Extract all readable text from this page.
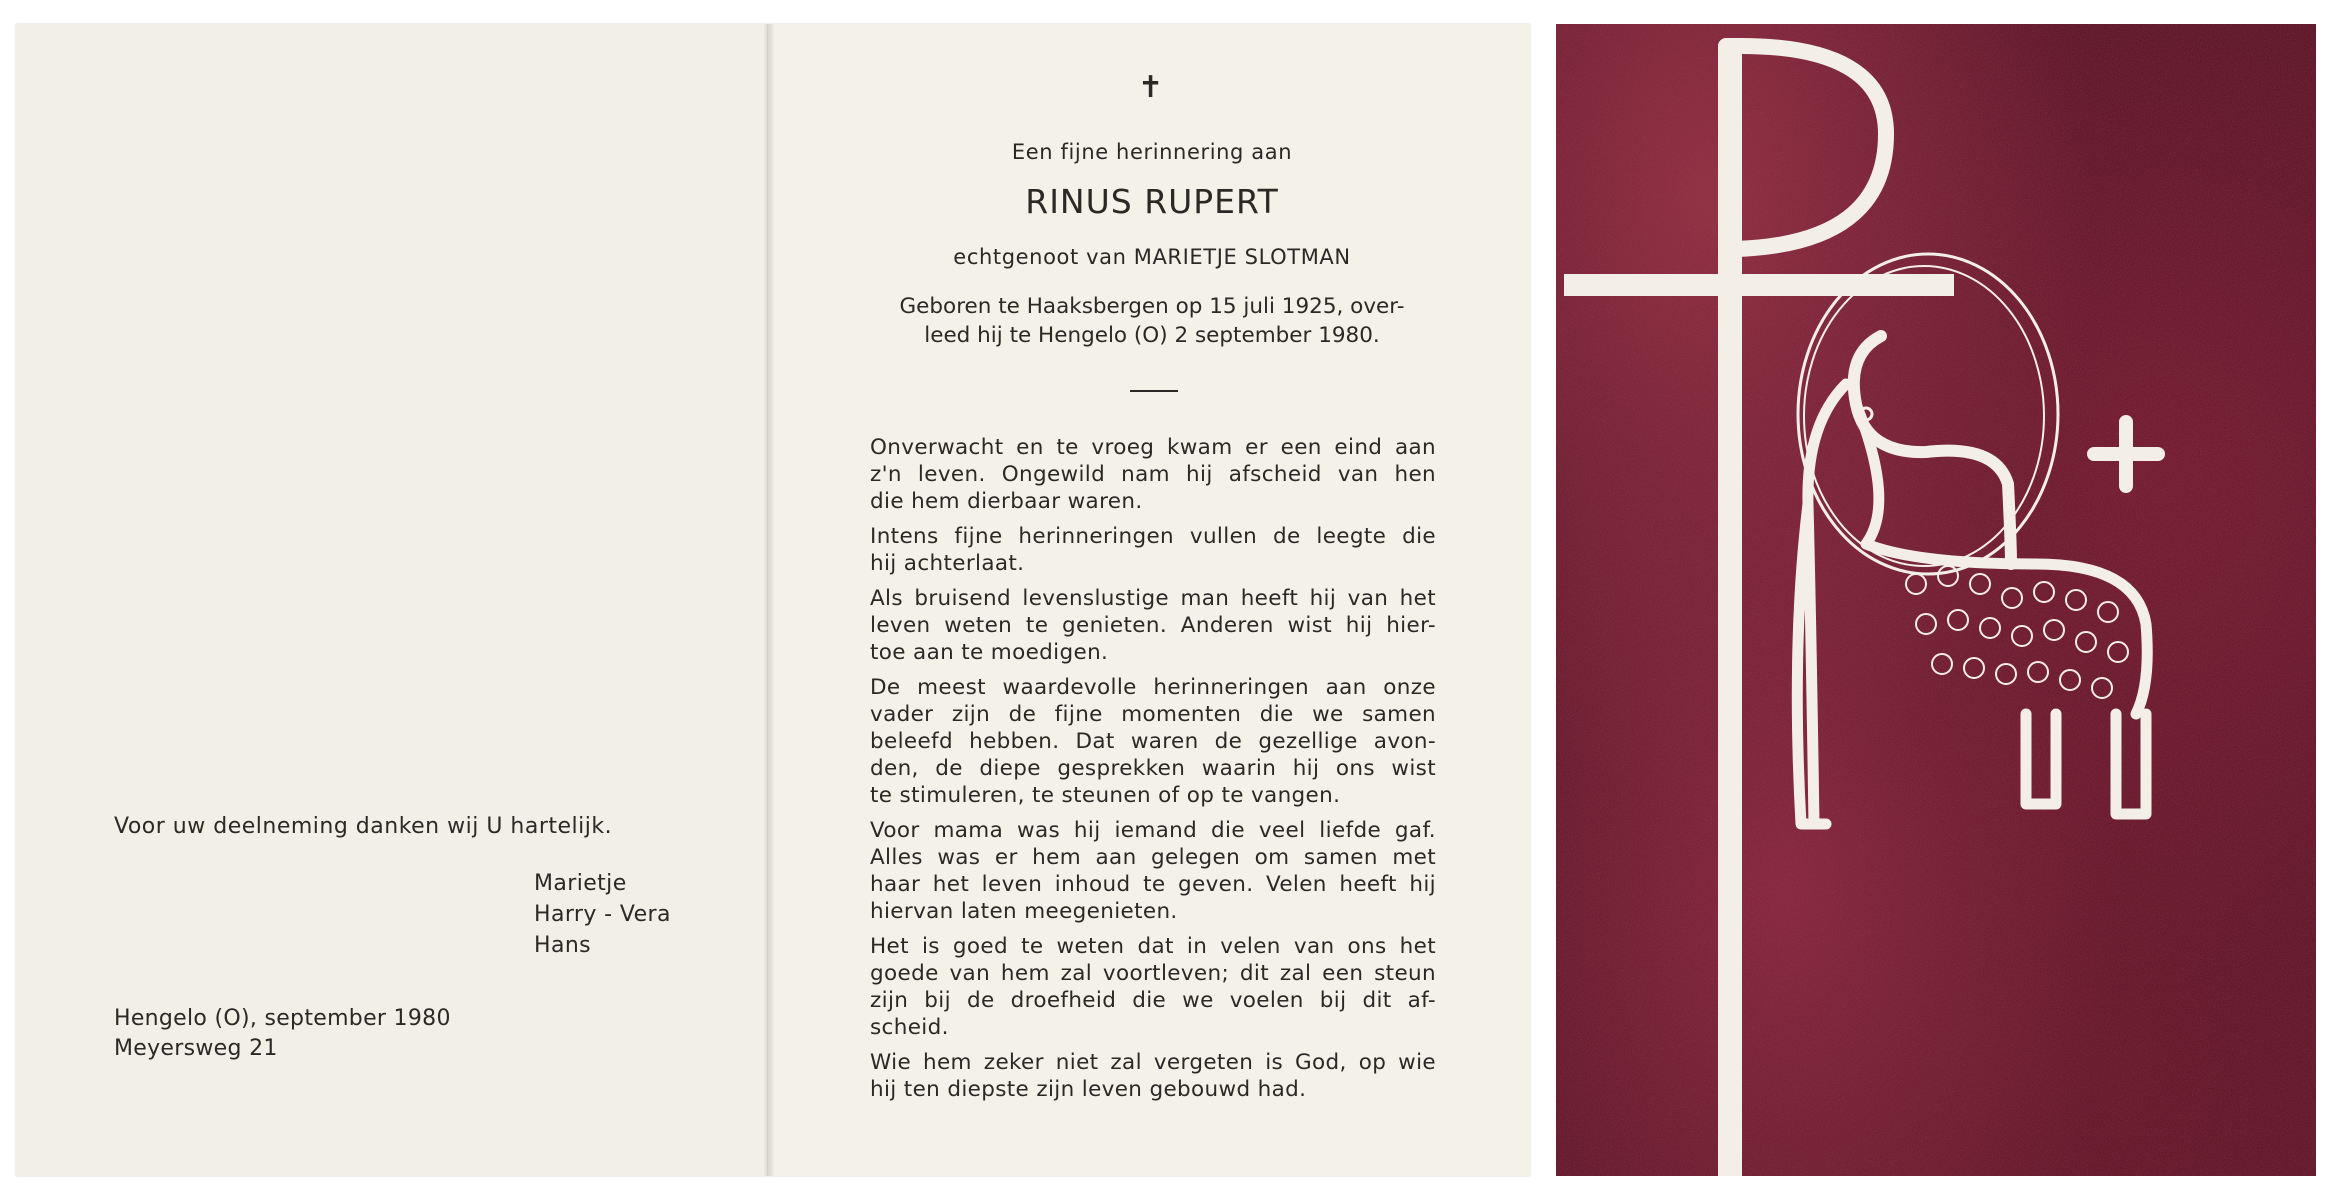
Voor uw deelneming danken wij U hartelijk.

Marietje
Harry - Vera
Hans

Hengelo (O), september 1980

Meyersweg 21

✝

Een fijne herinnering aan

RINUS RUPERT

echtgenoot van MARIETJE SLOTMAN

Geboren te Haaksbergen op 15 juli 1925, over-
leed hij te Hengelo (O) 2 september 1980.

Onverwacht en te vroeg kwam er een eind aan
z'n leven. Ongewild nam hij afscheid van hen
die hem dierbaar waren.

Intens fijne herinneringen vullen de leegte die
hij achterlaat.

Als bruisend levenslustige man heeft hij van het
leven weten te genieten. Anderen wist hij hier-
toe aan te moedigen.

De meest waardevolle herinneringen aan onze
vader zijn de fijne momenten die we samen
beleefd hebben. Dat waren de gezellige avon-
den, de diepe gesprekken waarin hij ons wist
te stimuleren, te steunen of op te vangen.

Voor mama was hij iemand die veel liefde gaf.
Alles was er hem aan gelegen om samen met
haar het leven inhoud te geven. Velen heeft hij
hiervan laten meegenieten.

Het is goed te weten dat in velen van ons het
goede van hem zal voortleven; dit zal een steun
zijn bij de droefheid die we voelen bij dit af-
scheid.

Wie hem zeker niet zal vergeten is God, op wie
hij ten diepste zijn leven gebouwd had.
